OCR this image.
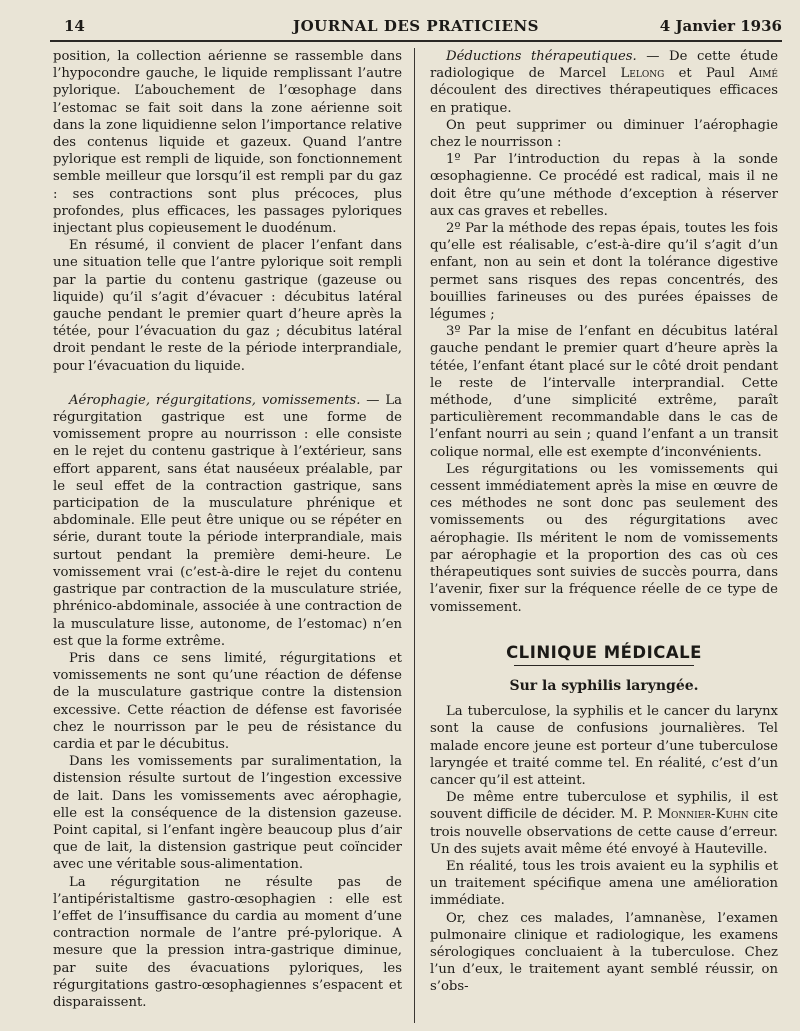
14	JOURNAL DES PRATICIENS	4 Janvier 1936

position, la collection aérienne se rassemble dans l’hypocondre gauche, le liquide remplissant l’autre pylorique. L’abouchement de l’œsophage dans l’estomac se fait soit dans la zone aérienne soit dans la zone liquidienne selon l’importance relative des contenus liquide et gazeux. Quand l’antre pylorique est rempli de liquide, son fonctionnement semble meilleur que lorsqu’il est rempli par du gaz : ses contractions sont plus précoces, plus profondes, plus efficaces, les passages pyloriques injectant plus copieusement le duodénum.

En résumé, il convient de placer l’enfant dans une situation telle que l’antre pylorique soit rempli par la partie du contenu gastrique (gazeuse ou liquide) qu’il s’agit d’évacuer : décubitus latéral gauche pendant le premier quart d’heure après la tétée, pour l’évacuation du gaz ; décubitus latéral droit pendant le reste de la période interprandiale, pour l’évacuation du liquide.

Aérophagie, régurgitations, vomissements. — La régurgitation gastrique est une forme de vomissement propre au nourrisson : elle consiste en le rejet du contenu gastrique à l’extérieur, sans effort apparent, sans état nauséeux préalable, par le seul effet de la contraction gastrique, sans participation de la musculature phrénique et abdominale. Elle peut être unique ou se répéter en série, durant toute la période interprandiale, mais surtout pendant la première demi-heure. Le vomissement vrai (c’est-à-dire le rejet du contenu gastrique par contraction de la musculature striée, phrénico-abdominale, associée à une contraction de la musculature lisse, autonome, de l’estomac) n’en est que la forme extrême.

Pris dans ce sens limité, régurgitations et vomissements ne sont qu’une réaction de défense de la musculature gastrique contre la distension excessive. Cette réaction de défense est favorisée chez le nourrisson par le peu de résistance du cardia et par le décubitus.

Dans les vomissements par suralimentation, la distension résulte surtout de l’ingestion excessive de lait. Dans les vomissements avec aérophagie, elle est la conséquence de la distension gazeuse. Point capital, si l’enfant ingère beaucoup plus d’air que de lait, la distension gastrique peut coïncider avec une véritable sous-alimentation.

La régurgitation ne résulte pas de l’antipéristaltisme gastro-œsophagien : elle est l’effet de l’insuffisance du cardia au moment d’une contraction normale de l’antre pré-pylorique. A mesure que la pression intra-gastrique diminue, par suite des évacuations pyloriques, les régurgitations gastro-œsophagiennes s’espacent et disparaissent.

Déductions thérapeutiques. — De cette étude radiologique de Marcel Lelong et Paul Aimé découlent des directives thérapeutiques efficaces en pratique.

On peut supprimer ou diminuer l’aérophagie chez le nourrisson :

1º Par l’introduction du repas à la sonde œsophagienne. Ce procédé est radical, mais il ne doit être qu’une méthode d’exception à réserver aux cas graves et rebelles.

2º Par la méthode des repas épais, toutes les fois qu’elle est réalisable, c’est-à-dire qu’il s’agit d’un enfant, non au sein et dont la tolérance digestive permet sans risques des repas concentrés, des bouillies farineuses ou des purées épaisses de légumes ;

3º Par la mise de l’enfant en décubitus latéral gauche pendant le premier quart d’heure après la tétée, l’enfant étant placé sur le côté droit pendant le reste de l’intervalle interprandial. Cette méthode, d’une simplicité extrême, paraît particulièrement recommandable dans le cas de l’enfant nourri au sein ; quand l’enfant a un transit colique normal, elle est exempte d’inconvénients.

Les régurgitations ou les vomissements qui cessent immédiatement après la mise en œuvre de ces méthodes ne sont donc pas seulement des vomissements ou des régurgitations avec aérophagie. Ils méritent le nom de vomissements par aérophagie et la proportion des cas où ces thérapeutiques sont suivies de succès pourra, dans l’avenir, fixer sur la fréquence réelle de ce type de vomissement.

CLINIQUE MÉDICALE
Sur la syphilis laryngée.

La tuberculose, la syphilis et le cancer du larynx sont la cause de confusions journalières. Tel malade encore jeune est porteur d’une tuberculose laryngée et traité comme tel. En réalité, c’est d’un cancer qu’il est atteint.

De même entre tuberculose et syphilis, il est souvent difficile de décider. M. P. Monnier-Kuhn cite trois nouvelle observations de cette cause d’erreur. Un des sujets avait même été envoyé à Hauteville.

En réalité, tous les trois avaient eu la syphilis et un traitement spécifique amena une amélioration immédiate.

Or, chez ces malades, l’amnanèse, l’examen pulmonaire clinique et radiologique, les examens sérologiques concluaient à la tuberculose. Chez l’un d’eux, le traitement ayant semblé réussir, on s’obs-
